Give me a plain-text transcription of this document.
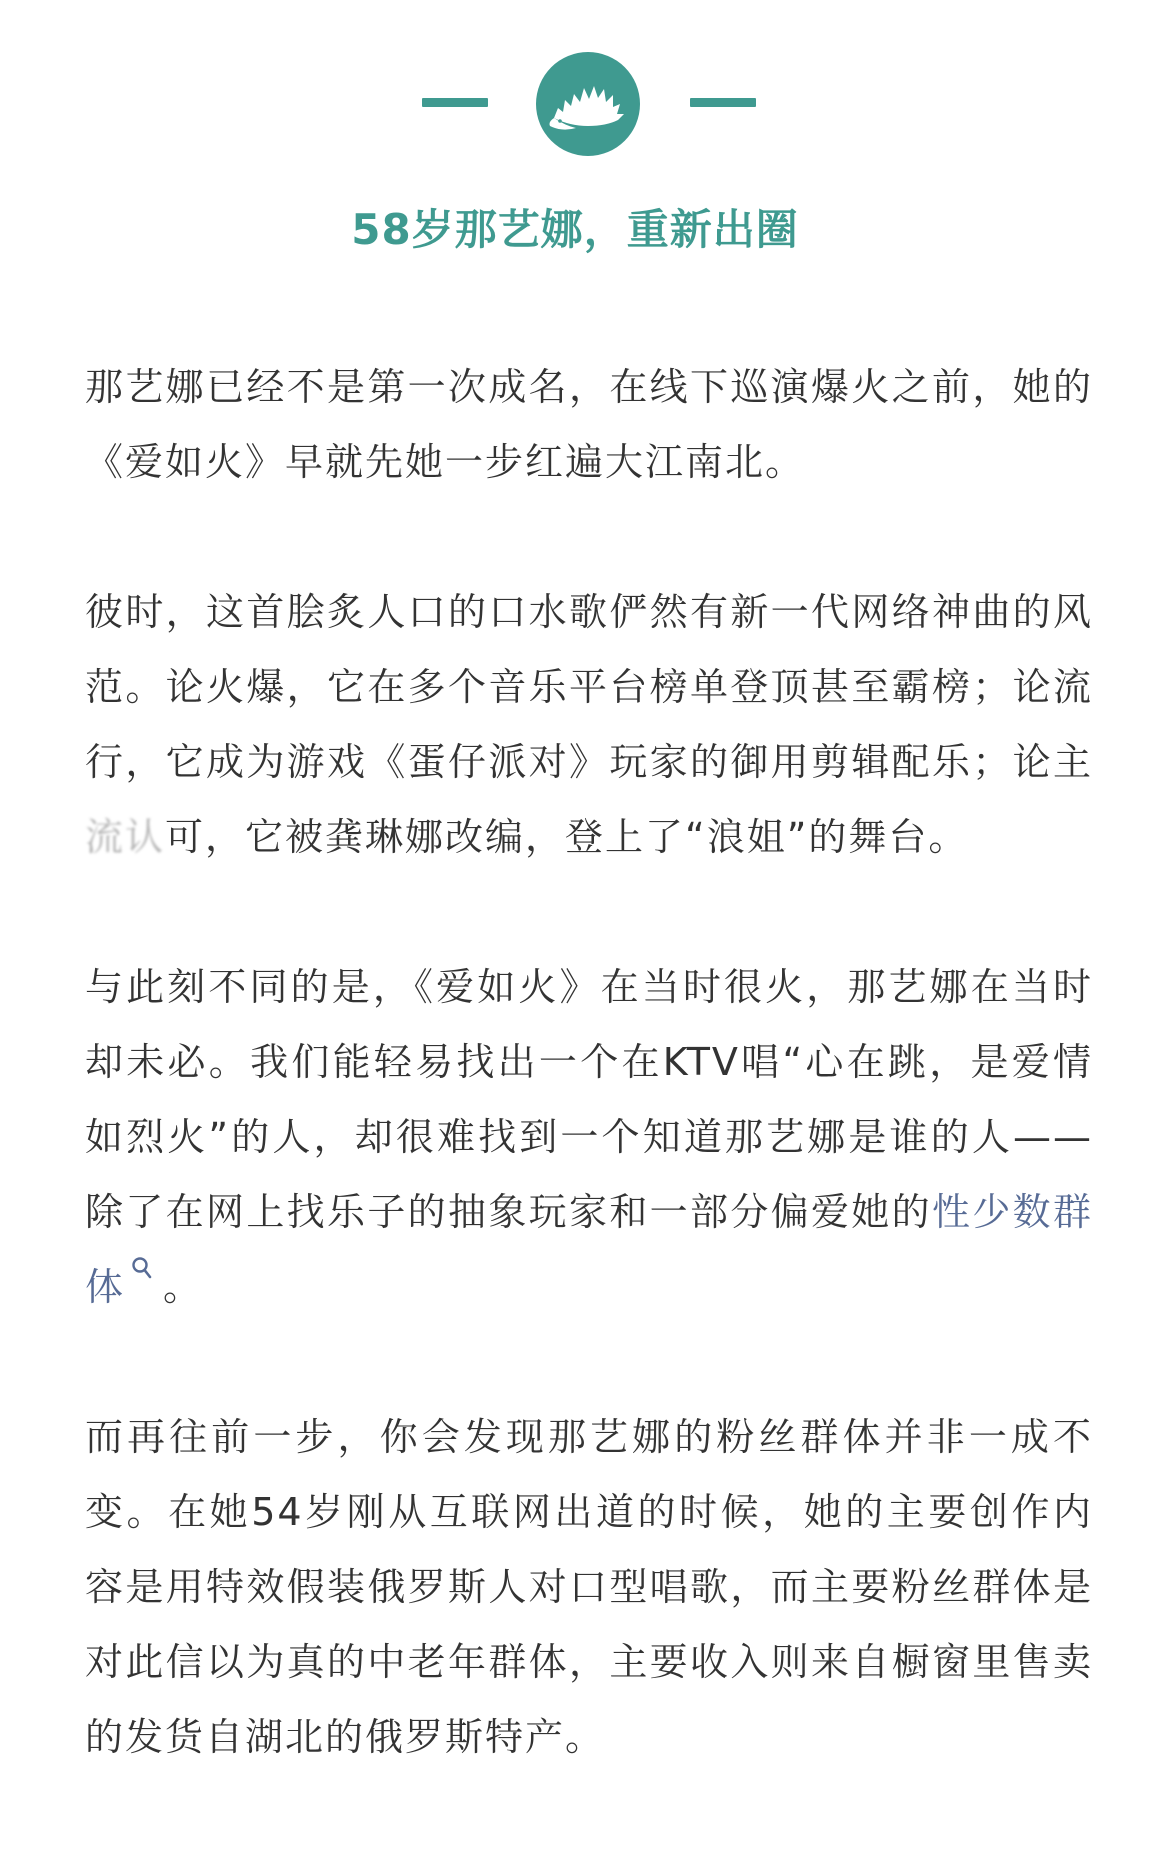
58岁那艺娜，重新出圈

那艺娜已经不是第一次成名，在线下巡演爆火之前，她的《爱如火》早就先她一步红遍大江南北。

彼时，这首脍炙人口的口水歌俨然有新一代网络神曲的风范。论火爆，它在多个音乐平台榜单登顶甚至霸榜；论流行，它成为游戏《蛋仔派对》玩家的御用剪辑配乐；论主流认可，它被龚琳娜改编，登上了“浪姐”的舞台。

与此刻不同的是，《爱如火》在当时很火，那艺娜在当时却未必。我们能轻易找出一个在KTV唱“心在跳，是爱情如烈火”的人，却很难找到一个知道那艺娜是谁的人——除了在网上找乐子的抽象玩家和一部分偏爱她的性少数群体 。

而再往前一步，你会发现那艺娜的粉丝群体并非一成不变。在她54岁刚从互联网出道的时候，她的主要创作内容是用特效假装俄罗斯人对口型唱歌，而主要粉丝群体是对此信以为真的中老年群体，主要收入则来自橱窗里售卖的发货自湖北的俄罗斯特产。
